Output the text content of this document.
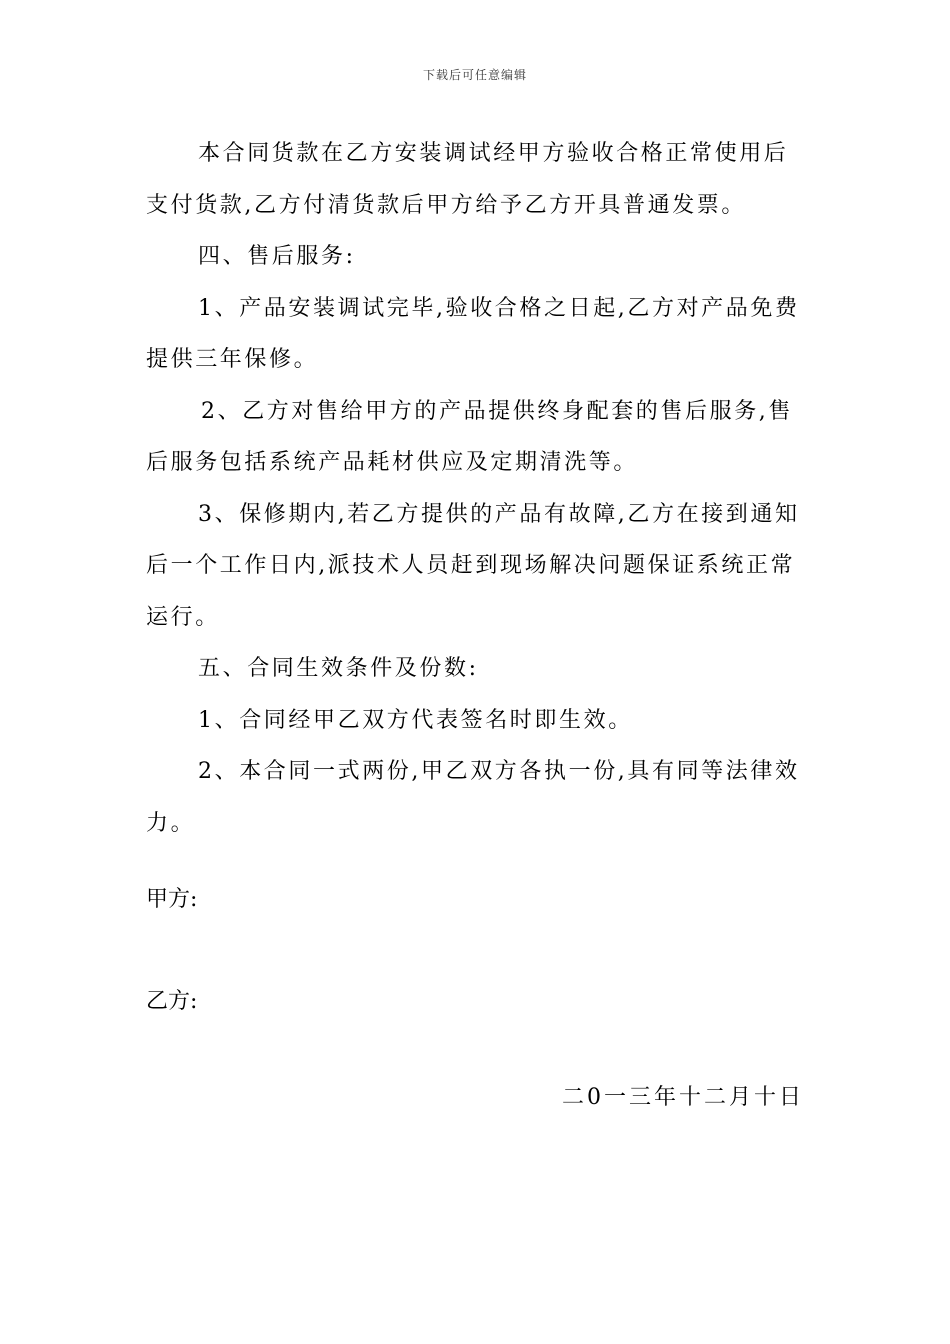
下载后可任意编辑

本合同货款在乙方安装调试经甲方验收合格正常使用后支付货款,乙方付清货款后甲方给予乙方开具普通发票。

四、售后服务:

1、产品安装调试完毕,验收合格之日起,乙方对产品免费提供三年保修。

2、乙方对售给甲方的产品提供终身配套的售后服务,售后服务包括系统产品耗材供应及定期清洗等。

3、保修期内,若乙方提供的产品有故障,乙方在接到通知后一个工作日内,派技术人员赶到现场解决问题保证系统正常运行。

五、合同生效条件及份数:

1、合同经甲乙双方代表签名时即生效。

2、本合同一式两份,甲乙双方各执一份,具有同等法律效力。

甲方:

乙方:

二0一三年十二月十日
